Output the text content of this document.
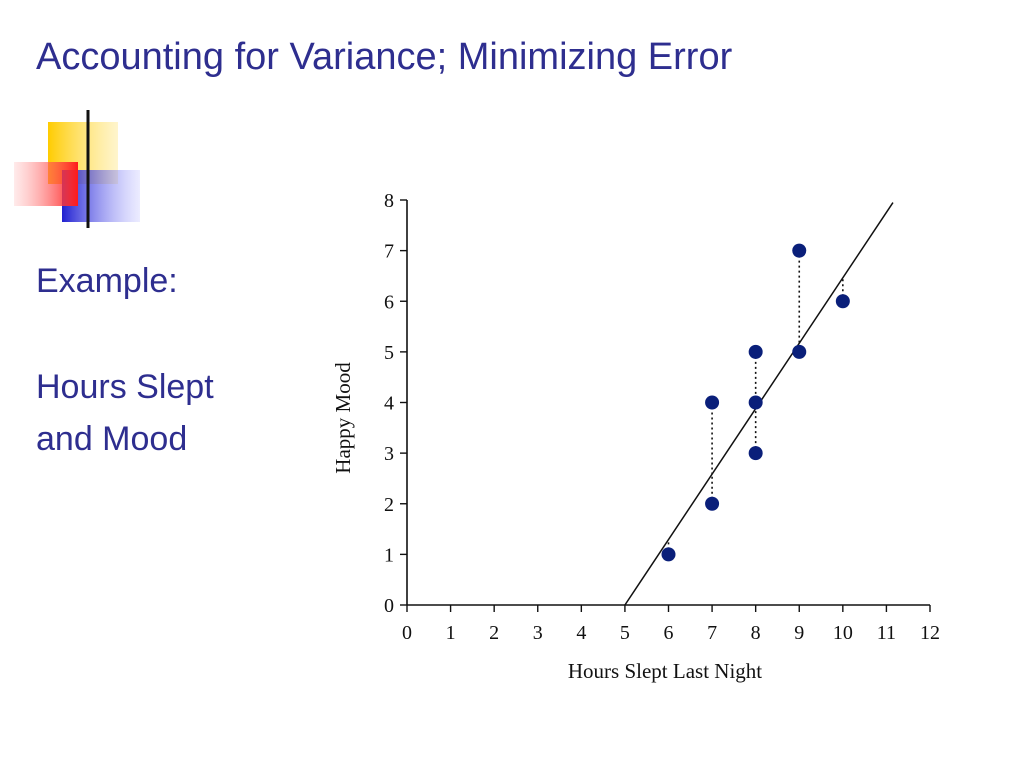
Accounting for Variance; Minimizing Error
Example:
Hours Slept
and Mood
0 1 2 3 4 5 6 7 8 9 10 11 12
0
1
2
3
4
5
6
7
8
Hours Slept Last Night
Happy Mood
